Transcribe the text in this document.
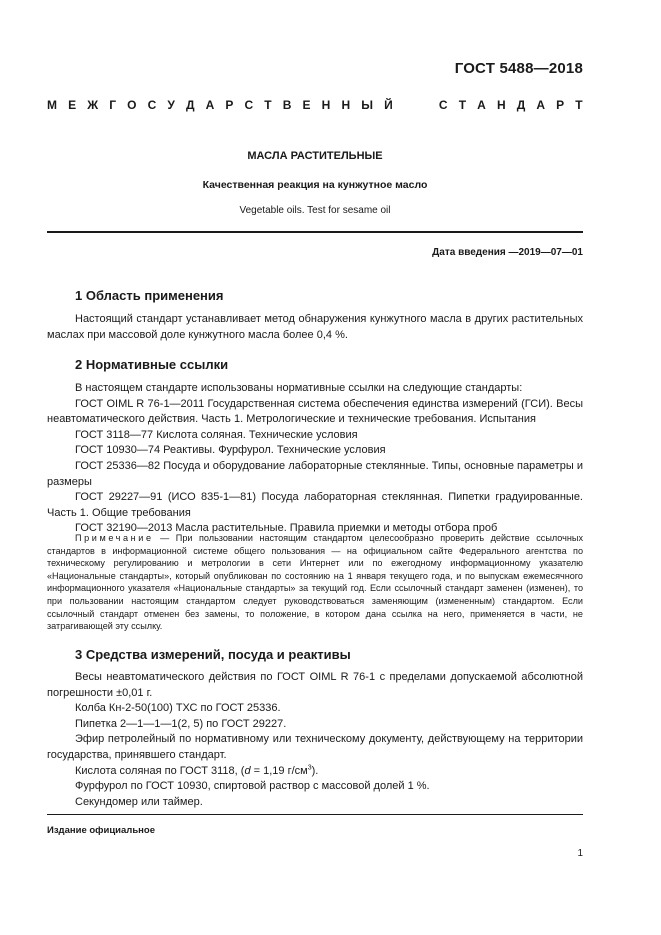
ГОСТ 5488—2018
М Е Ж Г О С У Д А Р С Т В Е Н Н Ы Й	С Т А Н Д А Р Т
МАСЛА РАСТИТЕЛЬНЫЕ
Качественная реакция на кунжутное масло
Vegetable oils. Test for sesame oil
Дата введения —2019—07—01
1 Область применения

Настоящий стандарт устанавливает метод обнаружения кунжутного масла в других растительных маслах при массовой доле кунжутного масла более 0,4 %.

2 Нормативные ссылки

В настоящем стандарте использованы нормативные ссылки на следующие стандарты:

ГОСТ OIML R 76-1—2011 Государственная система обеспечения единства измерений (ГСИ). Весы неавтоматического действия. Часть 1. Метрологические и технические требования. Испытания

ГОСТ 3118—77 Кислота соляная. Технические условия

ГОСТ 10930—74 Реактивы. Фурфурол. Технические условия

ГОСТ 25336—82 Посуда и оборудование лабораторные стеклянные. Типы, основные параметры и размеры

ГОСТ 29227—91 (ИСО 835-1—81) Посуда лабораторная стеклянная. Пипетки градуированные. Часть 1. Общие требования

ГОСТ 32190—2013 Масла растительные. Правила приемки и методы отбора проб

Примечание — При пользовании настоящим стандартом целесообразно проверить действие ссылочных стандартов в информационной системе общего пользования — на официальном сайте Федерального агентства по техническому регулированию и метрологии в сети Интернет или по ежегодному информационному указателю «Национальные стандарты», который опубликован по состоянию на 1 января текущего года, и по выпускам ежемесячного информационного указателя «Национальные стандарты» за текущий год. Если ссылочный стандарт заменен (изменен), то при пользовании настоящим стандартом следует руководствоваться заменяющим (измененным) стандартом. Если ссылочный стандарт отменен без замены, то положение, в котором дана ссылка на него, применяется в части, не затрагивающей эту ссылку.

3 Средства измерений, посуда и реактивы

Весы неавтоматического действия по ГОСТ OIML R 76-1 с пределами допускаемой абсолютной погрешности ±0,01 г.

Колба Кн-2-50(100) ТХС по ГОСТ 25336.

Пипетка 2—1—1—1(2, 5) по ГОСТ 29227.

Эфир петролейный по нормативному или техническому документу, действующему на территории государства, принявшего стандарт.

Кислота соляная по ГОСТ 3118, (d = 1,19 $г/см^3$).

Фурфурол по ГОСТ 10930, спиртовой раствор с массовой долей 1 %.

Секундомер или таймер.

Издание официальное
1
